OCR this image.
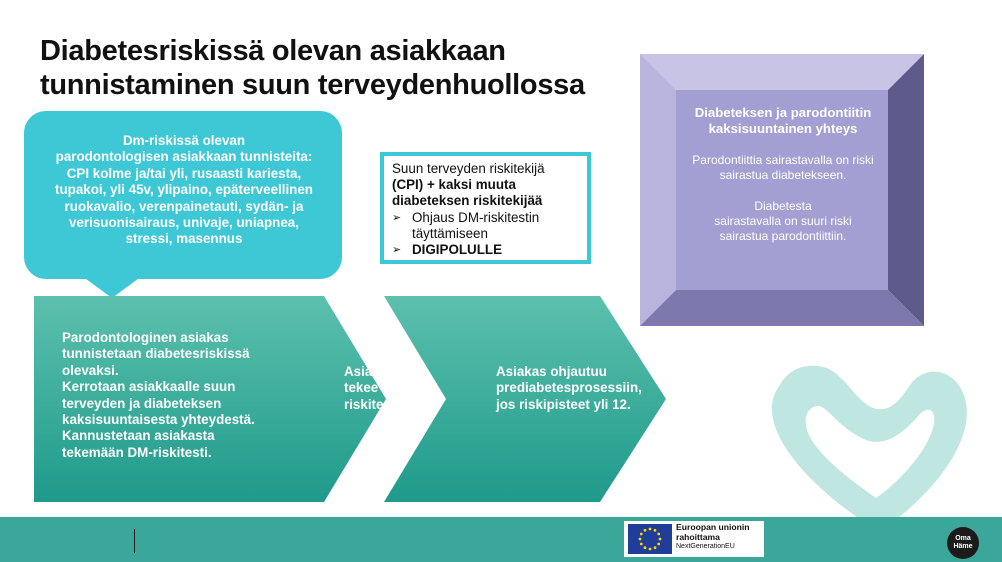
Diabetesriskissä olevan asiakkaan
tunnistaminen suun terveydenhuollossa
Dm-riskissä olevan
parodontologisen asiakkaan tunnisteita:
CPI kolme ja/tai yli, rusaasti kariesta,
tupakoi, yli 45v, ylipaino, epäterveellinen
ruokavalio, verenpainetauti, sydän- ja
verisuonisairaus, univaje, uniapnea,
stressi, masennus
Suun terveyden riskitekijä
(CPI) + kaksi muuta
diabeteksen riskitekijää
➢ Ohjaus DM-riskitestin
täyttämiseen
➢ DIGIPOLULLE
Parodontologinen asiakas
tunnistetaan diabetesriskissä
olevaksi.
Kerrotaan asiakkaalle suun
terveyden ja diabeteksen
kaksisuuntaisesta yhteydestä.
Kannustetaan asiakasta
tekemään DM-riskitesti.
Asiakas
tekee DM-
riskitestin
Asiakas ohjautuu
prediabetesprosessiin,
jos riskipisteet yli 12.
Diabeteksen ja parodontiitin
kaksisuuntainen yhteys

Parodontiittia sairastavalla on riski
sairastua diabetekseen.

Diabetesta
sairastavalla on suuri riski
sairastua parodontiittiin.

Euroopan unionin
rahoittama
NextGenerationEU
Oma
Häme
